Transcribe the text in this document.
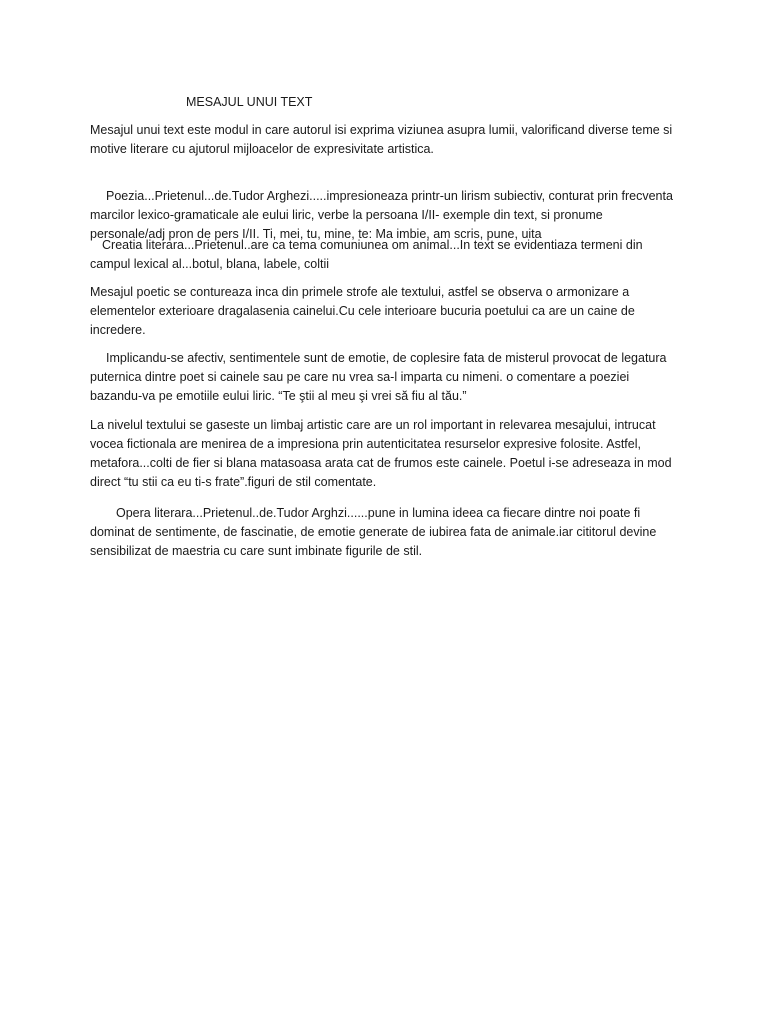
MESAJUL UNUI TEXT

Mesajul unui text este modul in care autorul isi exprima viziunea asupra lumii, valorificand diverse teme si motive literare cu ajutorul mijloacelor de expresivitate artistica.

Poezia...Prietenul...de.Tudor Arghezi.....impresioneaza printr-un lirism subiectiv, conturat prin frecventa marcilor lexico-gramaticale ale eului liric, verbe la persoana I/II- exemple din text, si pronume personale/adj pron de pers I/II. Ti, mei, tu, mine, te: Ma imbie, am scris, pune, uita

Creatia literara...Prietenul..are ca tema comuniunea om animal...In text se evidentiaza termeni din campul lexical al...botul, blana, labele, coltii

Mesajul poetic se contureaza inca din primele strofe ale textului, astfel se observa o armonizare a elementelor exterioare dragalasenia cainelui.Cu cele interioare bucuria poetului ca are un caine de incredere.

Implicandu-se afectiv, sentimentele sunt de emotie, de coplesire fata de misterul provocat de legatura puternica dintre poet si cainele sau pe care nu vrea sa-l imparta cu nimeni. o comentare a poeziei bazandu-va pe emotiile eului liric. “Te ştii al meu şi vrei să fiu al tău.”

La nivelul textului se gaseste un limbaj artistic care are un rol important in relevarea mesajului, intrucat vocea fictionala are menirea de a impresiona prin autenticitatea resurselor expresive folosite. Astfel, metafora...colti de fier si blana matasoasa arata cat de frumos este cainele. Poetul i-se adreseaza in mod direct “tu stii ca eu ti-s frate”.figuri de stil comentate.

Opera literara...Prietenul..de.Tudor Arghzi......pune in lumina ideea ca fiecare dintre noi poate fi dominat de sentimente, de fascinatie, de emotie generate de iubirea fata de animale.iar cititorul devine sensibilizat de maestria cu care sunt imbinate figurile de stil.
